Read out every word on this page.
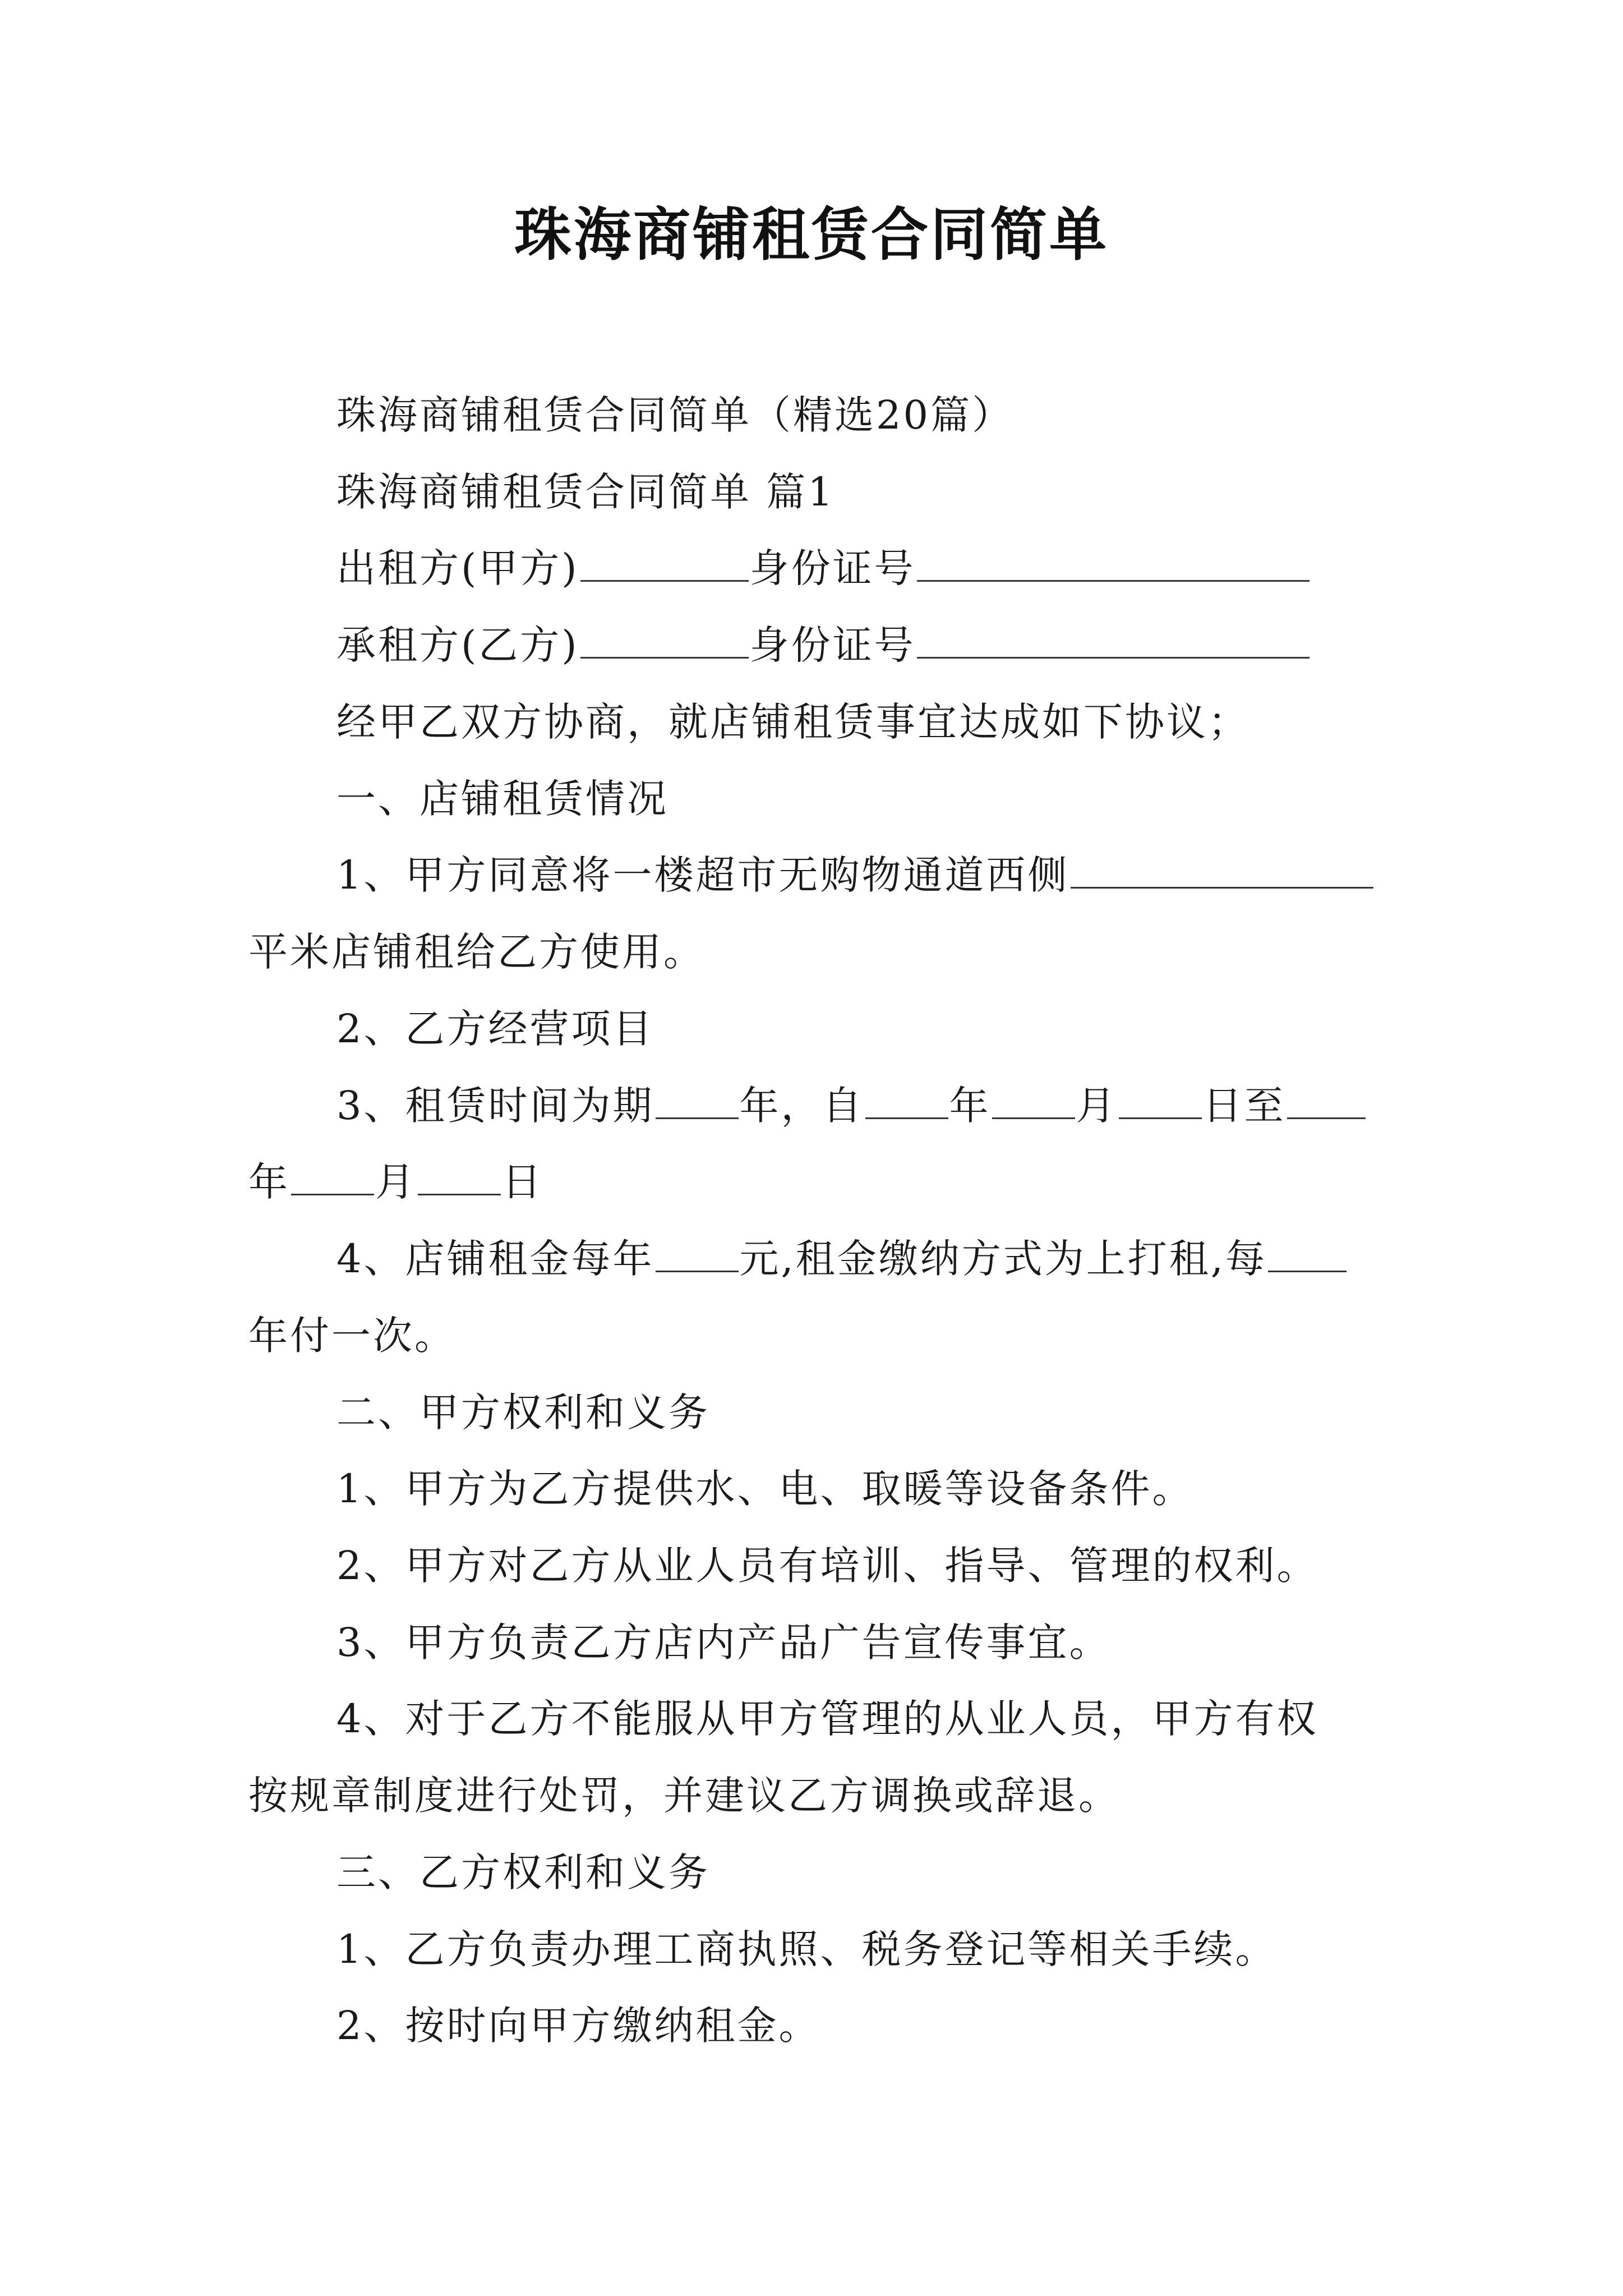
珠海商铺租赁合同简单
珠海商铺租赁合同简单（精选20篇）
珠海商铺租赁合同简单 篇1
出租方(甲方)	身份证号
承租方(乙方)	身份证号
经甲乙双方协商，就店铺租赁事宜达成如下协议；
一、店铺租赁情况
1、甲方同意将一楼超市无购物通道西侧
平米店铺租给乙方使用。
2、乙方经营项目
3、租赁时间为期 年，自 年 月 日至
年 月 日
4、店铺租金每年 元,租金缴纳方式为上打租,每
年付一次。
二、甲方权利和义务
1、甲方为乙方提供水、电、取暖等设备条件。
2、甲方对乙方从业人员有培训、指导、管理的权利。
3、甲方负责乙方店内产品广告宣传事宜。
4、对于乙方不能服从甲方管理的从业人员，甲方有权
按规章制度进行处罚，并建议乙方调换或辞退。
三、乙方权利和义务
1、乙方负责办理工商执照、税务登记等相关手续。
2、按时向甲方缴纳租金。
